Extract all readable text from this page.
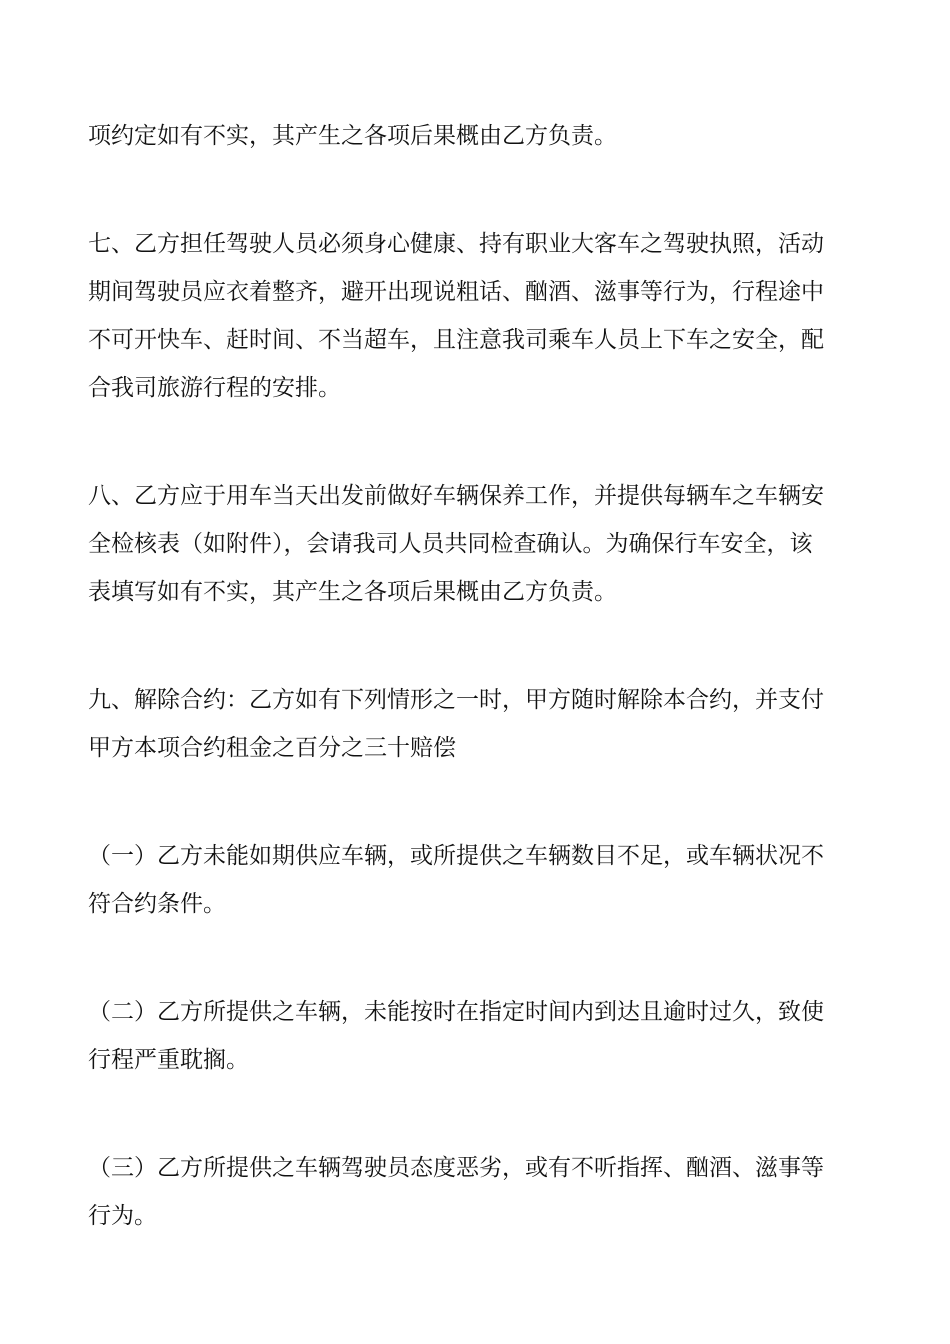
项约定如有不实，其产生之各项后果概由乙方负责。
七、乙方担任驾驶人员必须身心健康、持有职业大客车之驾驶执照，活动
期间驾驶员应衣着整齐，避开出现说粗话、酗酒、滋事等行为，行程途中
不可开快车、赶时间、不当超车，且注意我司乘车人员上下车之安全，配
合我司旅游行程的安排。
八、乙方应于用车当天出发前做好车辆保养工作，并提供每辆车之车辆安
全检核表（如附件），会请我司人员共同检查确认。为确保行车安全，该
表填写如有不实，其产生之各项后果概由乙方负责。
九、解除合约：乙方如有下列情形之一时，甲方随时解除本合约，并支付
甲方本项合约租金之百分之三十赔偿
（一）乙方未能如期供应车辆，或所提供之车辆数目不足，或车辆状况不
符合约条件。
（二）乙方所提供之车辆，未能按时在指定时间内到达且逾时过久，致使
行程严重耽搁。
（三）乙方所提供之车辆驾驶员态度恶劣，或有不听指挥、酗酒、滋事等
行为。
